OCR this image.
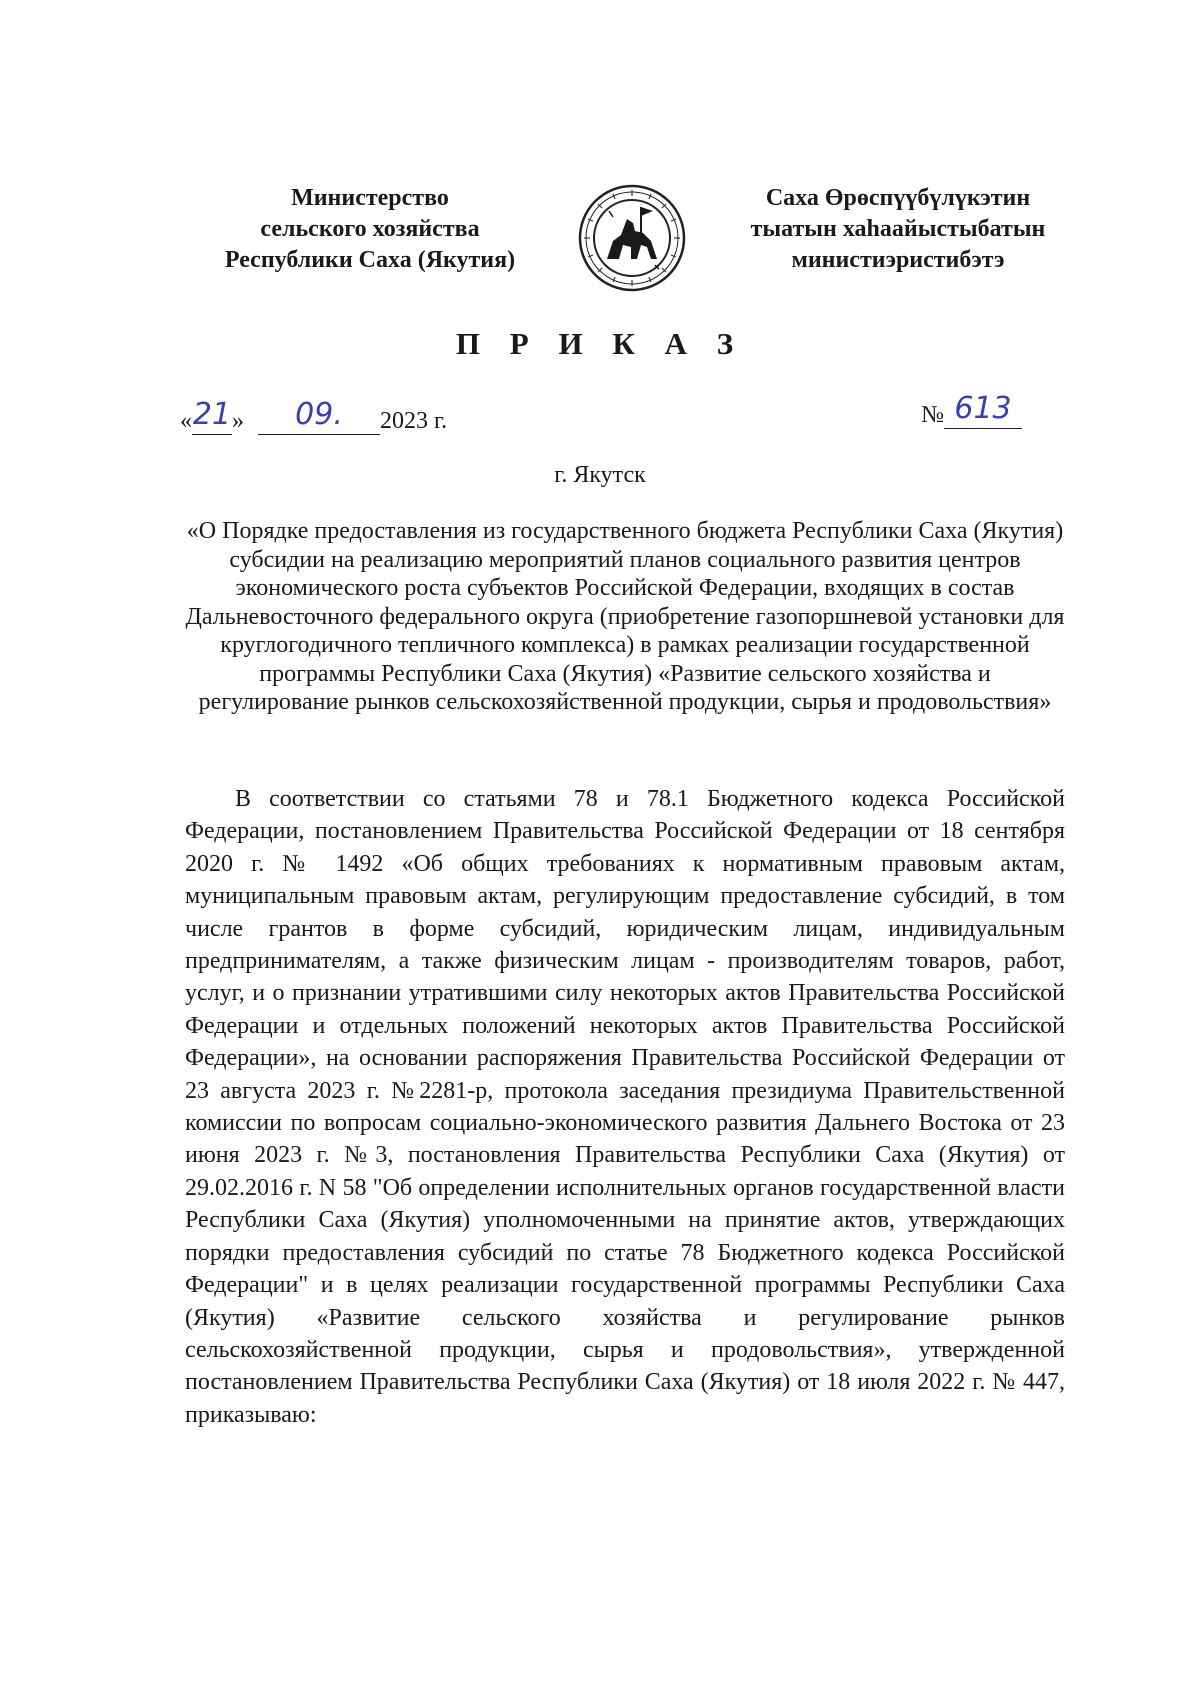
Министерство
сельского хозяйства
Республики Саха (Якутия)
Саха Өрөспүүбүлүкэтин
тыатын хаһаайыстыбатын
министиэристибэтэ
П Р И К А З
«21» 09. 2023 г.	№ 613
г. Якутск
«О Порядке предоставления из государственного бюджета Республики Саха (Якутия) субсидии на реализацию мероприятий планов социального развития центров экономического роста субъектов Российской Федерации, входящих в состав Дальневосточного федерального округа (приобретение газопоршневой установки для круглогодичного тепличного комплекса) в рамках реализации государственной программы Республики Саха (Якутия) «Развитие сельского хозяйства и регулирование рынков сельскохозяйственной продукции, сырья и продовольствия»

В соответствии со статьями 78 и 78.1 Бюджетного кодекса Российской Федерации, постановлением Правительства Российской Федерации от 18 сентября 2020 г. № 1492 «Об общих требованиях к нормативным правовым актам, муниципальным правовым актам, регулирующим предоставление субсидий, в том числе грантов в форме субсидий, юридическим лицам, индивидуальным предпринимателям, а также физическим лицам - производителям товаров, работ, услуг, и о признании утратившими силу некоторых актов Правительства Российской Федерации и отдельных положений некоторых актов Правительства Российской Федерации», на основании распоряжения Правительства Российской Федерации от 23 августа 2023 г. №2281-р, протокола заседания президиума Правительственной комиссии по вопросам социально-экономического развития Дальнего Востока от 23 июня 2023 г. №3, постановления Правительства Республики Саха (Якутия) от 29.02.2016 г. N 58 "Об определении исполнительных органов государственной власти Республики Саха (Якутия) уполномоченными на принятие актов, утверждающих порядки предоставления субсидий по статье 78 Бюджетного кодекса Российской Федерации" и в целях реализации государственной программы Республики Саха (Якутия) «Развитие сельского хозяйства и регулирование рынков сельскохозяйственной продукции, сырья и продовольствия», утвержденной постановлением Правительства Республики Саха (Якутия) от 18 июля 2022 г. № 447, приказываю:
